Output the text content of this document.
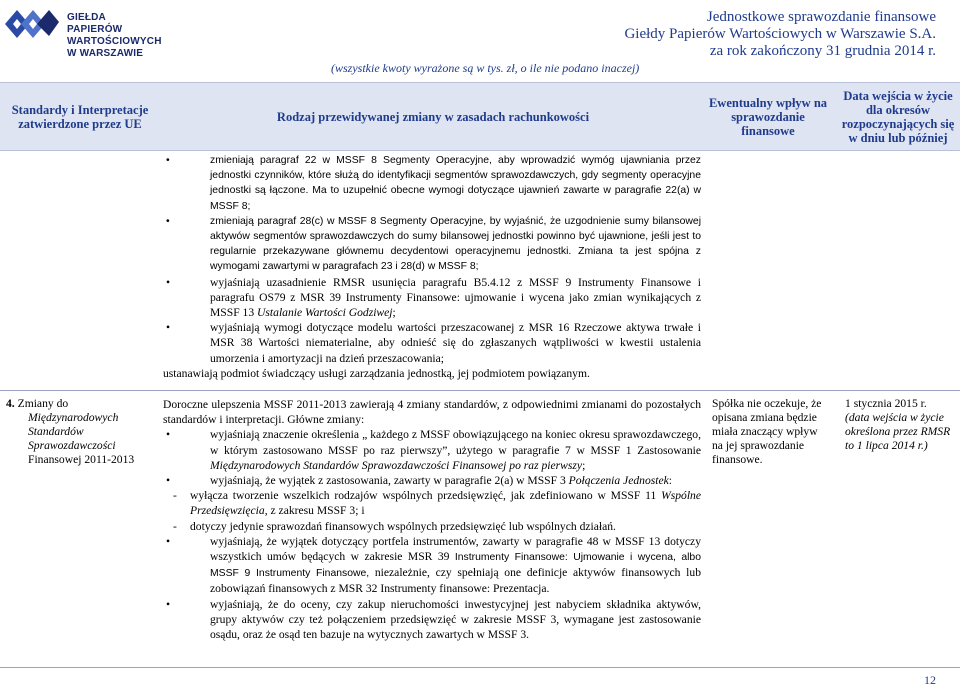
GIEŁDA PAPIERÓW
WARTOŚCIOWYCH
W WARSZAWIE
Jednostkowe sprawozdanie finansowe
Giełdy Papierów Wartościowych w Warszawie S.A.
za rok zakończony 31 grudnia 2014 r.
(wszystkie kwoty wyrażone są w tys. zł, o ile nie podano inaczej)
Standardy i Interpretacje zatwierdzone przez UE	Rodzaj przewidywanej zmiany w zasadach rachunkowości
Ewentualny wpływ na sprawozdanie finansowe
Data wejścia w życie dla okresów rozpoczynających się w dniu lub później
• zmieniają paragraf 22 w MSSF 8 Segmenty Operacyjne, aby wprowadzić wymóg ujawniania przez jednostki czynników, które służą do identyfikacji segmentów sprawozdawczych, gdy segmenty operacyjne jednostki są łączone. Ma to uzupełnić obecne wymogi dotyczące ujawnień zawarte w paragrafie 22(a) w MSSF 8;
• zmieniają paragraf 28(c) w MSSF 8 Segmenty Operacyjne, by wyjaśnić, że uzgodnienie sumy bilansowej aktywów segmentów sprawozdawczych do sumy bilansowej jednostki powinno być ujawnione, jeśli jest to regularnie przekazywane głównemu decydentowi operacyjnemu jednostki. Zmiana ta jest spójna z wymogami zawartymi w paragrafach 23 i 28(d) w MSSF 8;
• wyjaśniają uzasadnienie RMSR usunięcia paragrafu B5.4.12 z MSSF 9 Instrumenty Finansowe i paragrafu OS79 z MSR 39 Instrumenty Finansowe: ujmowanie i wycena jako zmian wynikających z MSSF 13 Ustalanie Wartości Godziwej;
• wyjaśniają wymogi dotyczące modelu wartości przeszacowanej z MSR 16 Rzeczowe aktywa trwałe i MSR 38 Wartości niematerialne, aby odnieść się do zgłaszanych wątpliwości w kwestii ustalenia umorzenia i amortyzacji na dzień przeszacowania;
ustanawiają podmiot świadczący usługi zarządzania jednostką, jej podmiotem powiązanym.
4. Zmiany do
Międzynarodowych Standardów Sprawozdawczości
Finansowej 2011-2013
Doroczne ulepszenia MSSF 2011-2013 zawierają 4 zmiany standardów, z odpowiednimi zmianami do pozostałych standardów i interpretacji. Główne zmiany:
• wyjaśniają znaczenie określenia „ każdego z MSSF obowiązującego na koniec okresu sprawozdawczego, w którym zastosowano MSSF po raz pierwszy”, użytego w paragrafie 7 w MSSF 1 Zastosowanie Międzynarodowych Standardów Sprawozdawczości Finansowej po raz pierwszy;
• wyjaśniają, że wyjątek z zastosowania, zawarty w paragrafie 2(a) w MSSF 3 Połączenia Jednostek:
- wyłącza tworzenie wszelkich rodzajów wspólnych przedsięwzięć, jak zdefiniowano w MSSF 11 Wspólne Przedsięwzięcia, z zakresu MSSF 3; i
- dotyczy jedynie sprawozdań finansowych wspólnych przedsięwzięć lub wspólnych działań.
• wyjaśniają, że wyjątek dotyczący portfela instrumentów, zawarty w paragrafie 48 w MSSF 13 dotyczy wszystkich umów będących w zakresie MSR 39 Instrumenty Finansowe: Ujmowanie i wycena, albo MSSF 9 Instrumenty Finansowe, niezależnie, czy spełniają one definicje aktywów finansowych lub zobowiązań finansowych z MSR 32 Instrumenty finansowe: Prezentacja.
• wyjaśniają, że do oceny, czy zakup nieruchomości inwestycyjnej jest nabyciem składnika aktywów, grupy aktywów czy też połączeniem przedsięwzięć w zakresie MSSF 3, wymagane jest zastosowanie osądu, oraz że osąd ten bazuje na wytycznych zawartych w MSSF 3.
Spółka nie oczekuje, że opisana zmiana będzie miała znaczący wpływ na jej sprawozdanie finansowe.
1 stycznia 2015 r.
(data wejścia w życie określona przez RMSR to 1 lipca 2014 r.)
12
